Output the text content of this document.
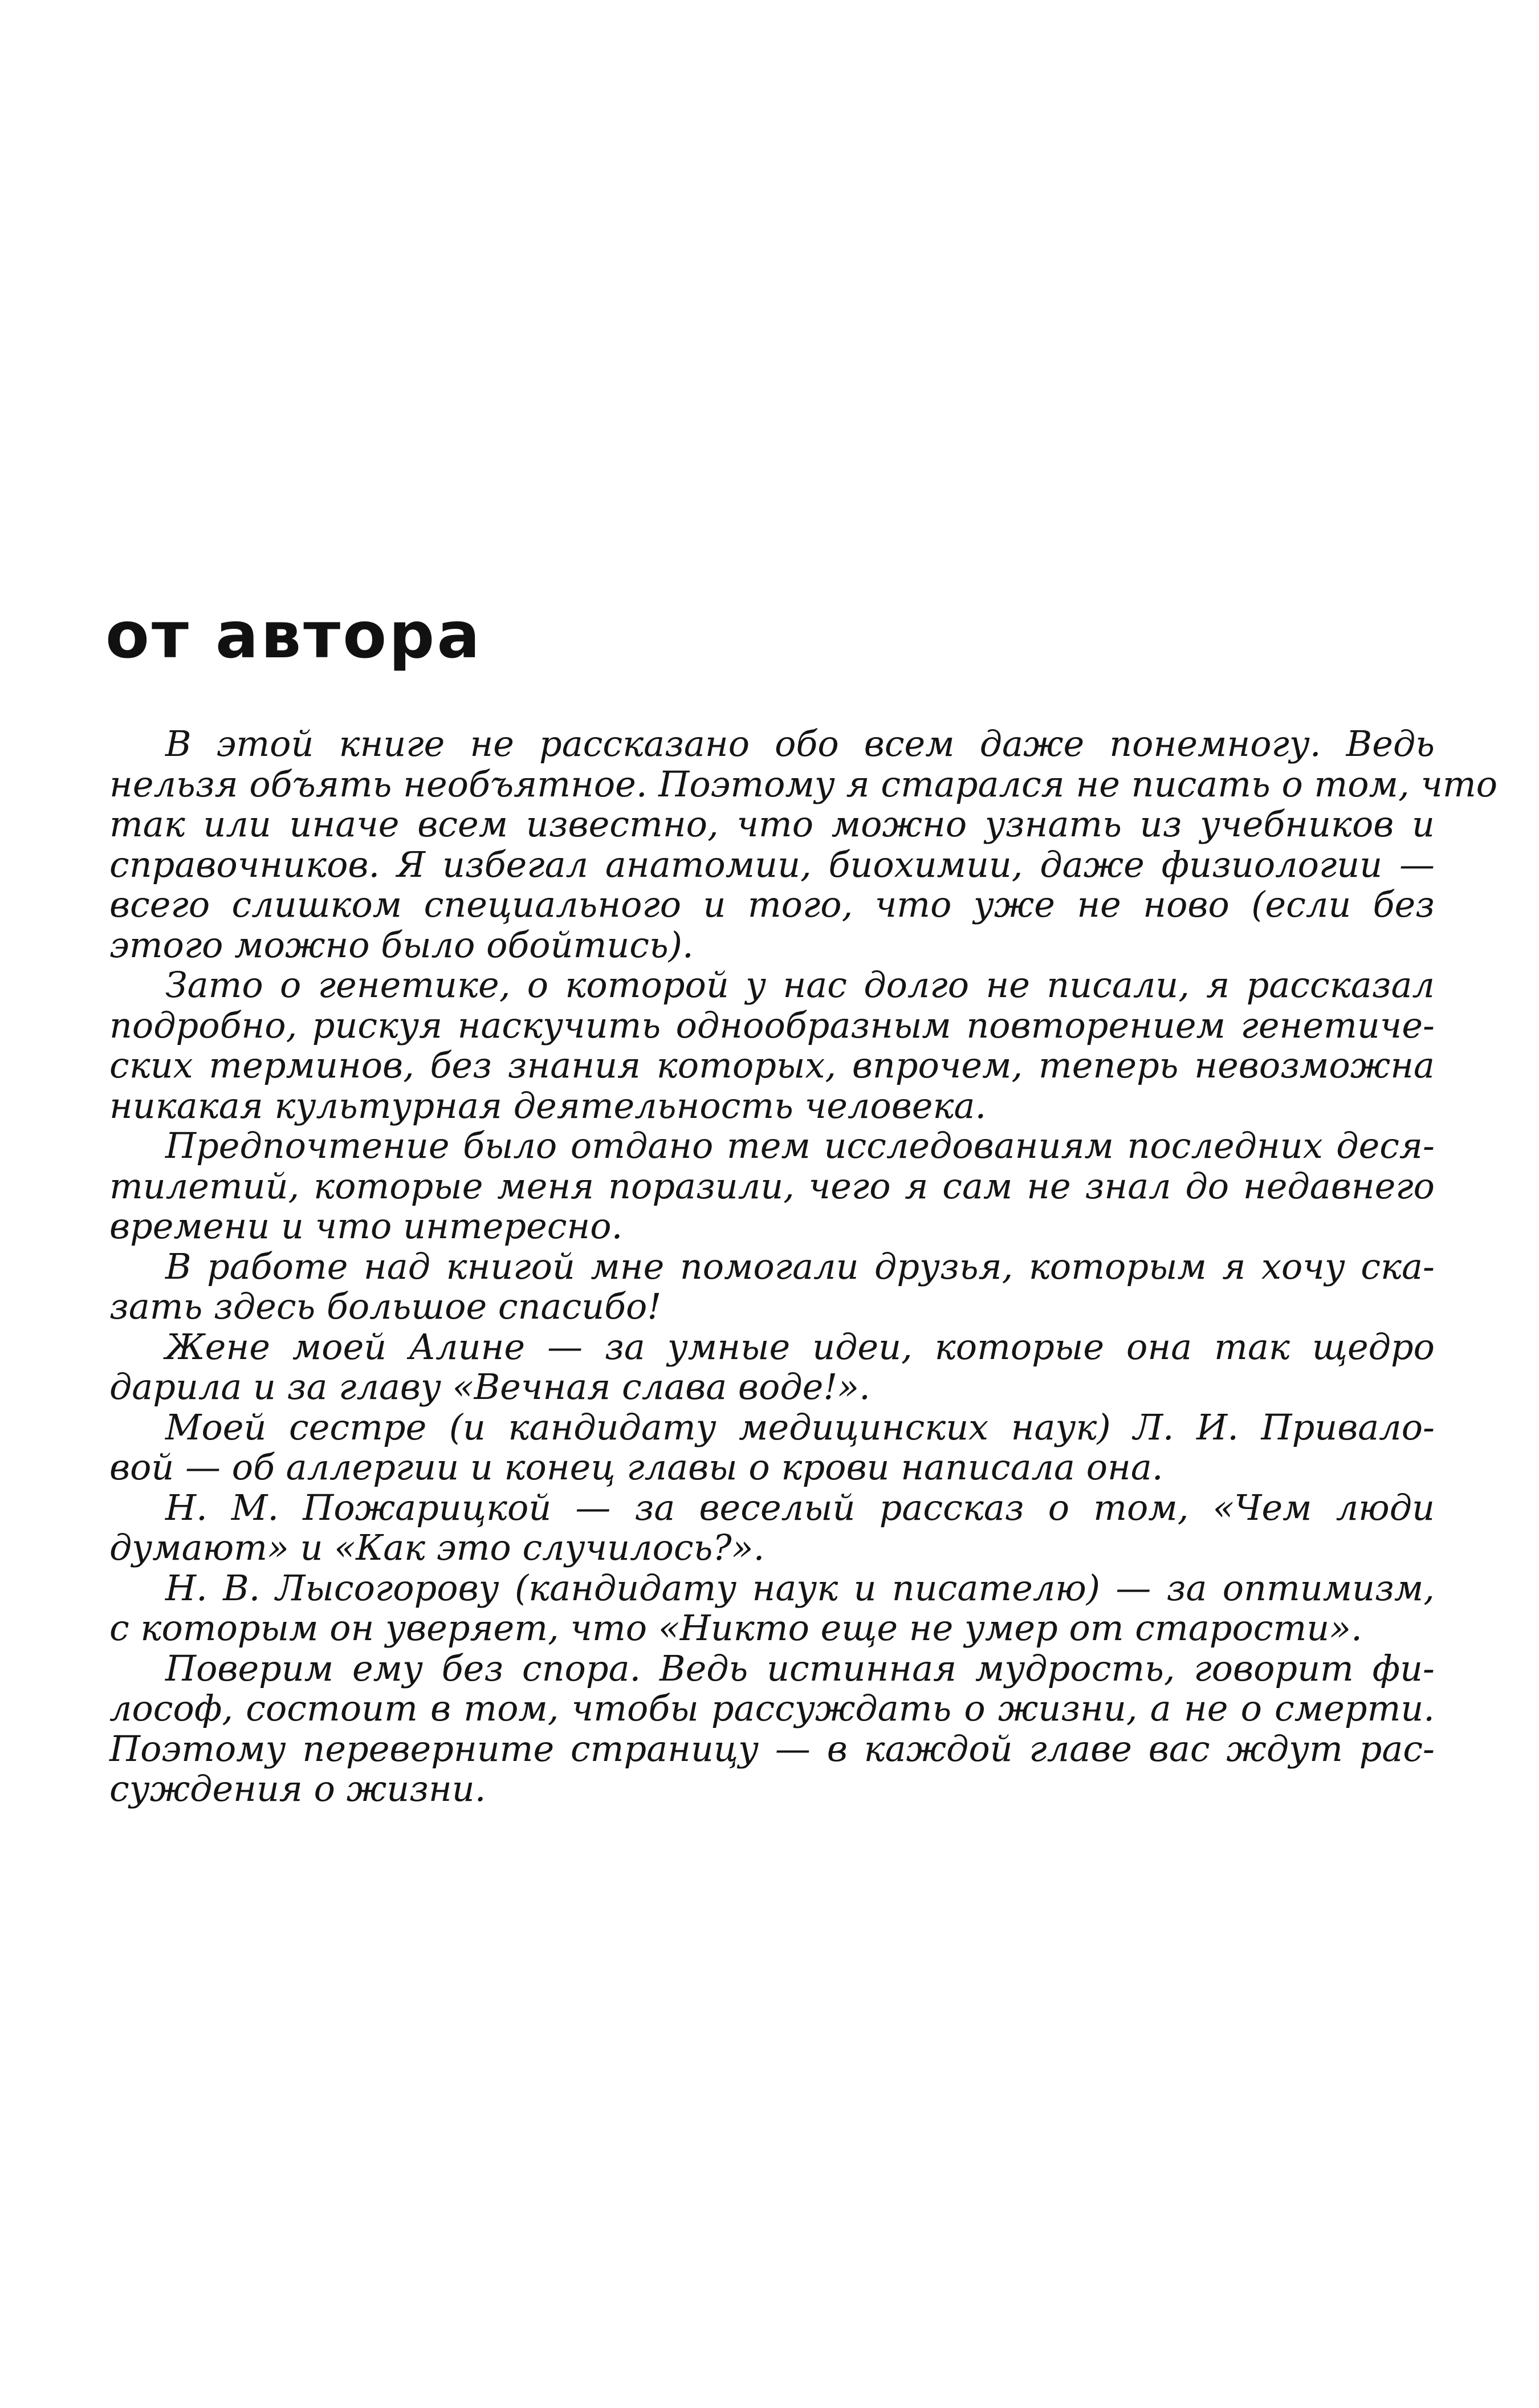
от автора

В этой книге не рассказано обо всем даже понемногу. Ведь
нельзя объять необъятное. Поэтому я старался не писать о том, что
так или иначе всем известно, что можно узнать из учебников и
справочников. Я избегал анатомии, биохимии, даже физиологии —
всего слишком специального и того, что уже не ново (если без
этого можно было обойтись).

Зато о генетике, о которой у нас долго не писали, я рассказал
подробно, рискуя наскучить однообразным повторением генетиче-
ских терминов, без знания которых, впрочем, теперь невозможна
никакая культурная деятельность человека.

Предпочтение было отдано тем исследованиям последних деся-
тилетий, которые меня поразили, чего я сам не знал до недавнего
времени и что интересно.

В работе над книгой мне помогали друзья, которым я хочу ска-
зать здесь большое спасибо!

Жене моей Алине — за умные идеи, которые она так щедро
дарила и за главу «Вечная слава воде!».

Моей сестре (и кандидату медицинских наук) Л. И. Привало-
вой — об аллергии и конец главы о крови написала она.

Н. М. Пожарицкой — за веселый рассказ о том, «Чем люди
думают» и «Как это случилось?».

Н. В. Лысогорову (кандидату наук и писателю) — за оптимизм,
с которым он уверяет, что «Никто еще не умер от старости».

Поверим ему без спора. Ведь истинная мудрость, говорит фи-
лософ, состоит в том, чтобы рассуждать о жизни, а не о смерти.
Поэтому переверните страницу — в каждой главе вас ждут рас-
суждения о жизни.
